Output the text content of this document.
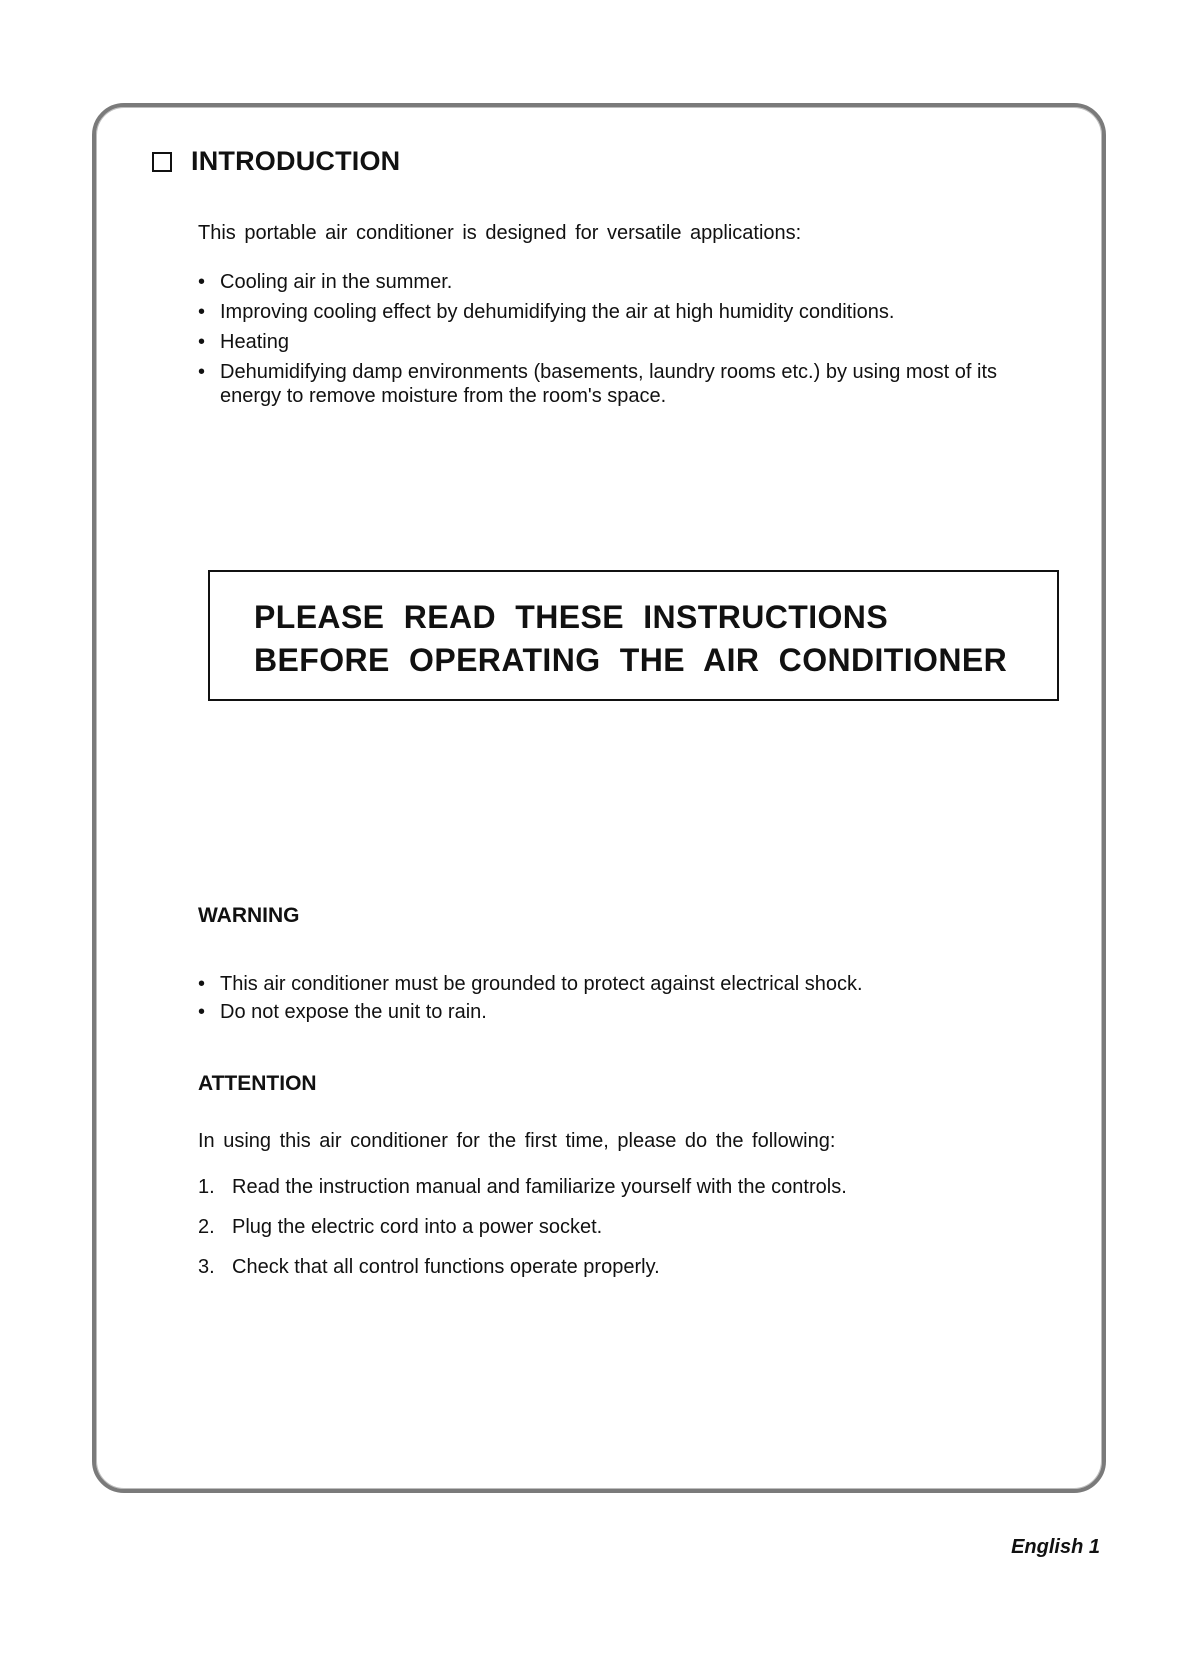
INTRODUCTION
This portable air conditioner is designed for versatile applications:
• Cooling air in the summer.
• Improving cooling effect by dehumidifying the air at high humidity conditions.
• Heating
• Dehumidifying damp environments (basements, laundry rooms etc.) by using most of its energy to remove moisture from the room's space.
PLEASE READ THESE INSTRUCTIONS
BEFORE OPERATING THE AIR CONDITIONER
WARNING
• This air conditioner must be grounded to protect against electrical shock.
• Do not expose the unit to rain.
ATTENTION
In using this air conditioner for the first time, please do the following:
1. Read the instruction manual and familiarize yourself with the controls.
2. Plug the electric cord into a power socket.
3. Check that all control functions operate properly.
English 1
